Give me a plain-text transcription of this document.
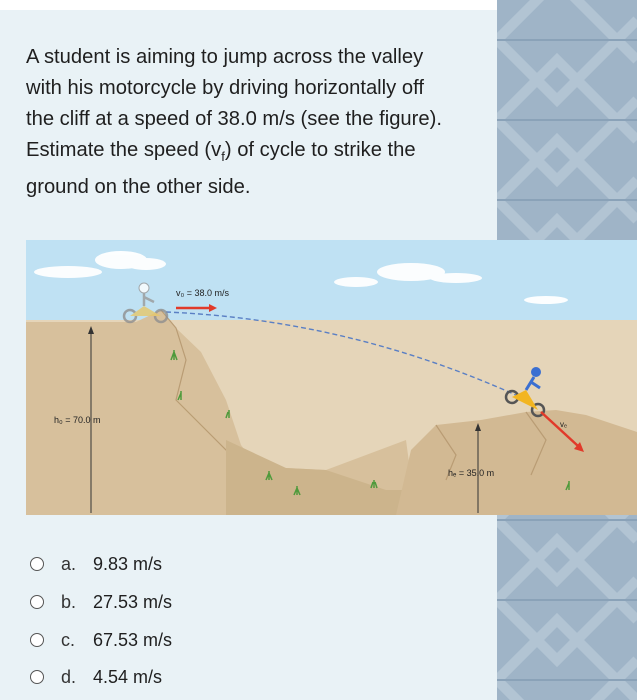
A student is aiming to jump across the valley
with his motorcycle by driving horizontally off
the cliff at a speed of 38.0 m/s (see the figure).
Estimate the speed $(v_f)$ of cycle to strike the
ground on the other side.
v₀ = 38.0 m/s
h₀ = 70.0 m
hₑ = 35.0 m
vₑ
a. 9.83 m/s
b. 27.53 m/s
c. 67.53 m/s
d. 4.54 m/s
